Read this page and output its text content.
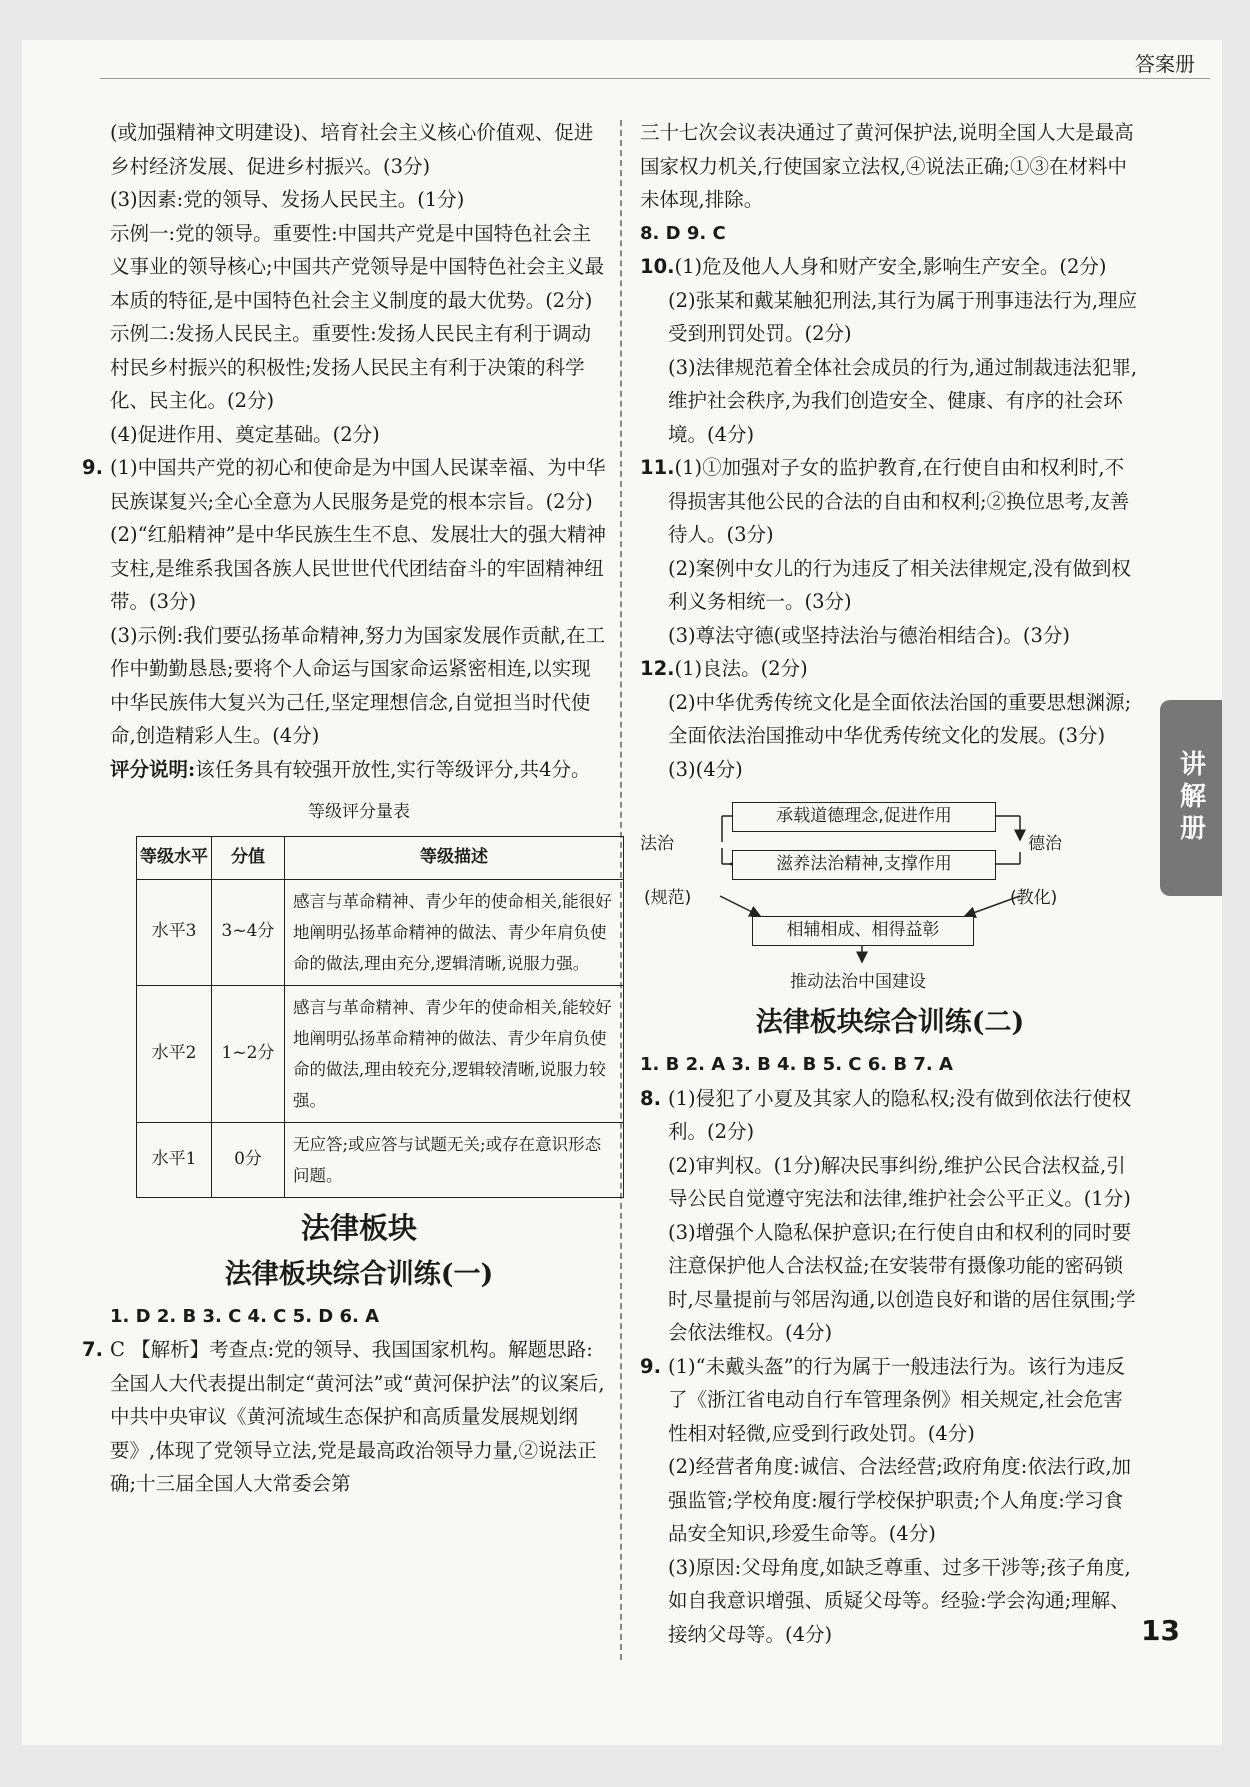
答案册

(或加强精神文明建设)、培育社会主义核心价值观、促进乡村经济发展、促进乡村振兴。(3分)

(3)因素:党的领导、发扬人民民主。(1分)

示例一:党的领导。重要性:中国共产党是中国特色社会主义事业的领导核心;中国共产党领导是中国特色社会主义最本质的特征,是中国特色社会主义制度的最大优势。(2分)

示例二:发扬人民民主。重要性:发扬人民民主有利于调动村民乡村振兴的积极性;发扬人民民主有利于决策的科学化、民主化。(2分)

(4)促进作用、奠定基础。(2分)

9. (1)中国共产党的初心和使命是为中国人民谋幸福、为中华民族谋复兴;全心全意为人民服务是党的根本宗旨。(2分)

(2)“红船精神”是中华民族生生不息、发展壮大的强大精神支柱,是维系我国各族人民世世代代团结奋斗的牢固精神纽带。(3分)

(3)示例:我们要弘扬革命精神,努力为国家发展作贡献,在工作中勤勤恳恳;要将个人命运与国家命运紧密相连,以实现中华民族伟大复兴为己任,坚定理想信念,自觉担当时代使命,创造精彩人生。(4分)

评分说明:该任务具有较强开放性,实行等级评分,共4分。

等级评分量表

等级水平	分值	等级描述
水平3	3~4分	感言与革命精神、青少年的使命相关,能很好地阐明弘扬革命精神的做法、青少年肩负使命的做法,理由充分,逻辑清晰,说服力强。
水平2	1~2分	感言与革命精神、青少年的使命相关,能较好地阐明弘扬革命精神的做法、青少年肩负使命的做法,理由较充分,逻辑较清晰,说服力较强。
水平1	0分	无应答;或应答与试题无关;或存在意识形态问题。

法律板块

法律板块综合训练(一)

1. D 2. B 3. C 4. C 5. D 6. A

7. C 【解析】考查点:党的领导、我国国家机构。解题思路:全国人大代表提出制定“黄河法”或“黄河保护法”的议案后,中共中央审议《黄河流域生态保护和高质量发展规划纲要》,体现了党领导立法,党是最高政治领导力量,②说法正确;十三届全国人大常委会第

三十七次会议表决通过了黄河保护法,说明全国人大是最高国家权力机关,行使国家立法权,④说法正确;①③在材料中未体现,排除。

8. D 9. C

10.(1)危及他人人身和财产安全,影响生产安全。(2分)

(2)张某和戴某触犯刑法,其行为属于刑事违法行为,理应受到刑罚处罚。(2分)

(3)法律规范着全体社会成员的行为,通过制裁违法犯罪,维护社会秩序,为我们创造安全、健康、有序的社会环境。(4分)

11.(1)①加强对子女的监护教育,在行使自由和权利时,不得损害其他公民的合法的自由和权利;②换位思考,友善待人。(3分)

(2)案例中女儿的行为违反了相关法律规定,没有做到权利义务相统一。(3分)

(3)尊法守德(或坚持法治与德治相结合)。(3分)

12.(1)良法。(2分)

(2)中华优秀传统文化是全面依法治国的重要思想渊源;全面依法治国推动中华优秀传统文化的发展。(3分)

(3)(4分)

法治	德治
承载道德理念,促进作用
滋养法治精神,支撑作用
(规范)	(教化)
相辅相成、相得益彰
推动法治中国建设

法律板块综合训练(二)

1. B 2. A 3. B 4. B 5. C 6. B 7. A

8. (1)侵犯了小夏及其家人的隐私权;没有做到依法行使权利。(2分)

(2)审判权。(1分)解决民事纠纷,维护公民合法权益,引导公民自觉遵守宪法和法律,维护社会公平正义。(1分)

(3)增强个人隐私保护意识;在行使自由和权利的同时要注意保护他人合法权益;在安装带有摄像功能的密码锁时,尽量提前与邻居沟通,以创造良好和谐的居住氛围;学会依法维权。(4分)

9. (1)“未戴头盔”的行为属于一般违法行为。该行为违反了《浙江省电动自行车管理条例》相关规定,社会危害性相对轻微,应受到行政处罚。(4分)

(2)经营者角度:诚信、合法经营;政府角度:依法行政,加强监管;学校角度:履行学校保护职责;个人角度:学习食品安全知识,珍爱生命等。(4分)

(3)原因:父母角度,如缺乏尊重、过多干涉等;孩子角度,如自我意识增强、质疑父母等。经验:学会沟通;理解、接纳父母等。(4分)

讲解册
13
